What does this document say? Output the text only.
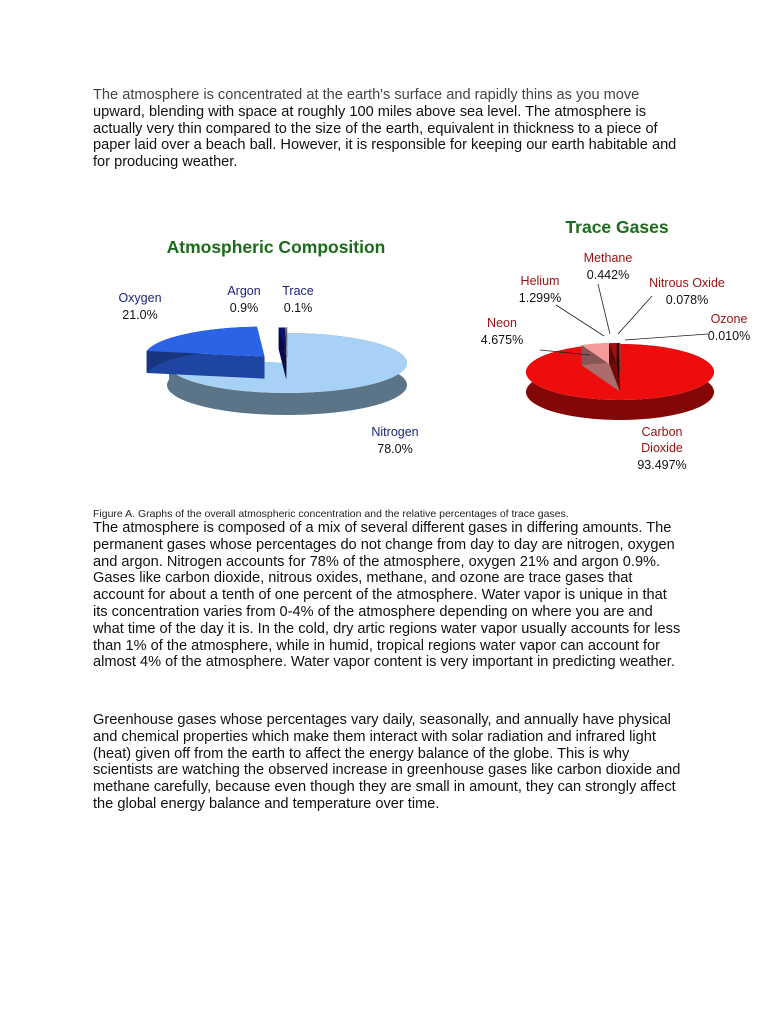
The atmosphere is concentrated at the earth's surface and rapidly thins as you move
upward, blending with space at roughly 100 miles above sea level. The atmosphere is actually very thin compared to the size of the earth, equivalent in thickness to a piece of paper laid over a beach ball. However, it is responsible for keeping our earth habitable and for producing weather.

Atmospheric Composition
Nitrogen 78.0%
Oxygen 21.0%
Argon 0.9%
Trace 0.1%
Trace Gases
Carbon Dioxide 93.497%
Neon 4.675%
Helium 1.299%
Methane 0.442%
Nitrous Oxide 0.078%
Ozone 0.010%

Figure A. Graphs of the overall atmospheric concentration and the relative percentages of trace gases.

The atmosphere is composed of a mix of several different gases in differing amounts. The permanent gases whose percentages do not change from day to day are nitrogen, oxygen and argon. Nitrogen accounts for 78% of the atmosphere, oxygen 21% and argon 0.9%. Gases like carbon dioxide, nitrous oxides, methane, and ozone are trace gases that account for about a tenth of one percent of the atmosphere. Water vapor is unique in that its concentration varies from 0-4% of the atmosphere depending on where you are and what time of the day it is. In the cold, dry artic regions water vapor usually accounts for less than 1% of the atmosphere, while in humid, tropical regions water vapor can account for almost 4% of the atmosphere. Water vapor content is very important in predicting weather.

Greenhouse gases whose percentages vary daily, seasonally, and annually have physical and chemical properties which make them interact with solar radiation and infrared light (heat) given off from the earth to affect the energy balance of the globe. This is why scientists are watching the observed increase in greenhouse gases like carbon dioxide and methane carefully, because even though they are small in amount, they can strongly affect the global energy balance and temperature over time.
